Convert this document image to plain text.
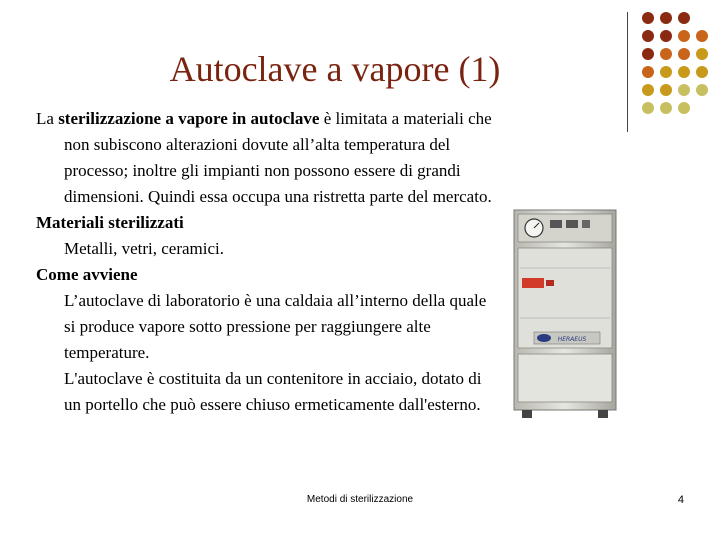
Autoclave a vapore (1)

La sterilizzazione a vapore in autoclave è limitata a materiali che non subiscono alterazioni dovute all’alta temperatura del processo; inoltre gli impianti non possono essere di grandi dimensioni. Quindi essa occupa una ristretta parte del mercato.

Materiali sterilizzati

Metalli, vetri, ceramici.

Come avviene

L’autoclave di laboratorio è una caldaia all’interno della quale si produce vapore sotto pressione per raggiungere alte temperature.

L'autoclave è costituita da un contenitore in acciaio, dotato di un portello che può essere chiuso ermeticamente dall'esterno.

HERAEUS
Metodi di sterilizzazione	4
